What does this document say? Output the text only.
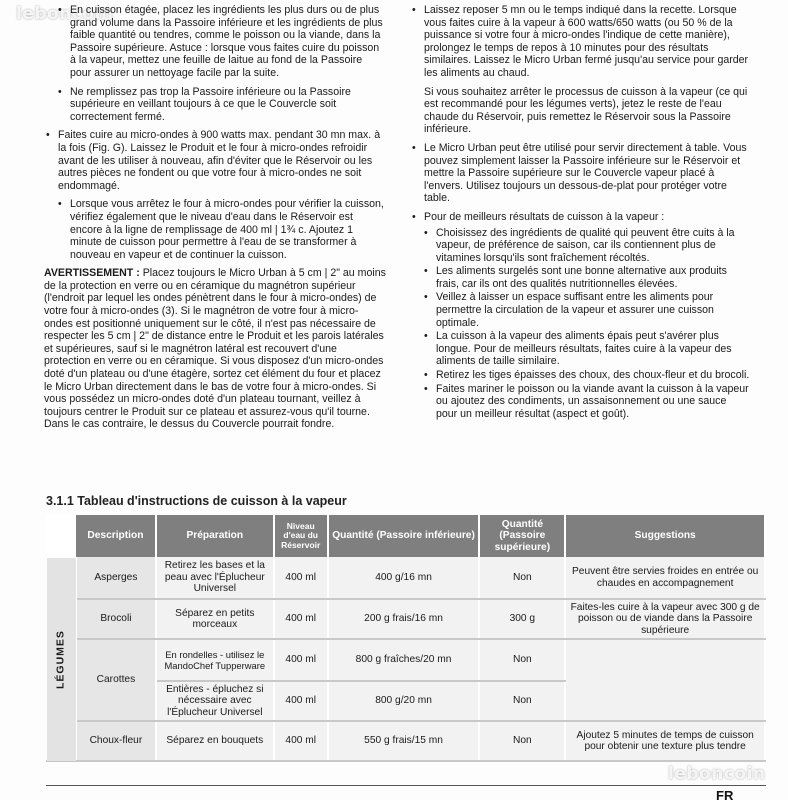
leboncoin

• En cuisson étagée, placez les ingrédients les plus durs ou de plus grand volume dans la Passoire inférieure et les ingrédients de plus faible quantité ou tendres, comme le poisson ou la viande, dans la Passoire supérieure. Astuce : lorsque vous faites cuire du poisson à la vapeur, mettez une feuille de laitue au fond de la Passoire pour assurer un nettoyage facile par la suite.

• Ne remplissez pas trop la Passoire inférieure ou la Passoire supérieure en veillant toujours à ce que le Couvercle soit correctement fermé.

• Faites cuire au micro-ondes à 900 watts max. pendant 30 mn max. à la fois (Fig. G). Laissez le Produit et le four à micro-ondes refroidir avant de les utiliser à nouveau, afin d'éviter que le Réservoir ou les autres pièces ne fondent ou que votre four à micro-ondes ne soit endommagé.

• Lorsque vous arrêtez le four à micro-ondes pour vérifier la cuisson, vérifiez également que le niveau d'eau dans le Réservoir est encore à la ligne de remplissage de 400 ml | 1¾ c. Ajoutez 1 minute de cuisson pour permettre à l'eau de se transformer à nouveau en vapeur et de continuer la cuisson.

AVERTISSEMENT : Placez toujours le Micro Urban à 5 cm | 2" au moins de la protection en verre ou en céramique du magnétron supérieur (l'endroit par lequel les ondes pénètrent dans le four à micro-ondes) de votre four à micro-ondes (3). Si le magnétron de votre four à micro-ondes est positionné uniquement sur le côté, il n'est pas nécessaire de respecter les 5 cm | 2" de distance entre le Produit et les parois latérales et supérieures, sauf si le magnétron latéral est recouvert d'une protection en verre ou en céramique. Si vous disposez d'un micro-ondes doté d'un plateau ou d'une étagère, sortez cet élément du four et placez le Micro Urban directement dans le bas de votre four à micro-ondes. Si vous possédez un micro-ondes doté d'un plateau tournant, veillez à toujours centrer le Produit sur ce plateau et assurez-vous qu'il tourne. Dans le cas contraire, le dessus du Couvercle pourrait fondre.

• Laissez reposer 5 mn ou le temps indiqué dans la recette. Lorsque vous faites cuire à la vapeur à 600 watts/650 watts (ou 50 % de la puissance si votre four à micro-ondes l'indique de cette manière), prolongez le temps de repos à 10 minutes pour des résultats similaires. Laissez le Micro Urban fermé jusqu'au service pour garder les aliments au chaud.

Si vous souhaitez arrêter le processus de cuisson à la vapeur (ce qui est recommandé pour les légumes verts), jetez le reste de l'eau chaude du Réservoir, puis remettez le Réservoir sous la Passoire inférieure.

• Le Micro Urban peut être utilisé pour servir directement à table. Vous pouvez simplement laisser la Passoire inférieure sur le Réservoir et mettre la Passoire supérieure sur le Couvercle vapeur placé à l'envers. Utilisez toujours un dessous-de-plat pour protéger votre table.

• Pour de meilleurs résultats de cuisson à la vapeur :

• Choisissez des ingrédients de qualité qui peuvent être cuits à la vapeur, de préférence de saison, car ils contiennent plus de vitamines lorsqu'ils sont fraîchement récoltés.

• Les aliments surgelés sont une bonne alternative aux produits frais, car ils ont des qualités nutritionnelles élevées.

• Veillez à laisser un espace suffisant entre les aliments pour permettre la circulation de la vapeur et assurer une cuisson optimale.

• La cuisson à la vapeur des aliments épais peut s'avérer plus longue. Pour de meilleurs résultats, faites cuire à la vapeur des aliments de taille similaire.

• Retirez les tiges épaisses des choux, des choux-fleur et du brocoli.

• Faites mariner le poisson ou la viande avant la cuisson à la vapeur ou ajoutez des condiments, un assaisonnement ou une sauce pour un meilleur résultat (aspect et goût).

3.1.1 Tableau d'instructions de cuisson à la vapeur
	Description	Préparation	Niveau d'eau du Réservoir	Quantité (Passoire inférieure)	Quantité (Passoire supérieure)	Suggestions
LÉGUMES	Asperges	Retirez les bases et la peau avec l'Éplucheur Universel	400 ml	400 g/16 mn	Non	Peuvent être servies froides en entrée ou chaudes en accompagnement
	Brocoli	Séparez en petits morceaux	400 ml	200 g frais/16 mn	300 g	Faites-les cuire à la vapeur avec 300 g de poisson ou de viande dans la Passoire supérieure
	Carottes	En rondelles - utilisez le MandoChef Tupperware	400 ml	800 g fraîches/20 mn	Non	
		Entières - épluchez si nécessaire avec l'Éplucheur Universel	400 ml	800 g/20 mn	Non	
	Choux-fleur	Séparez en bouquets	400 ml	550 g frais/15 mn	Non	Ajoutez 5 minutes de temps de cuisson pour obtenir une texture plus tendre
leboncoin
FR
